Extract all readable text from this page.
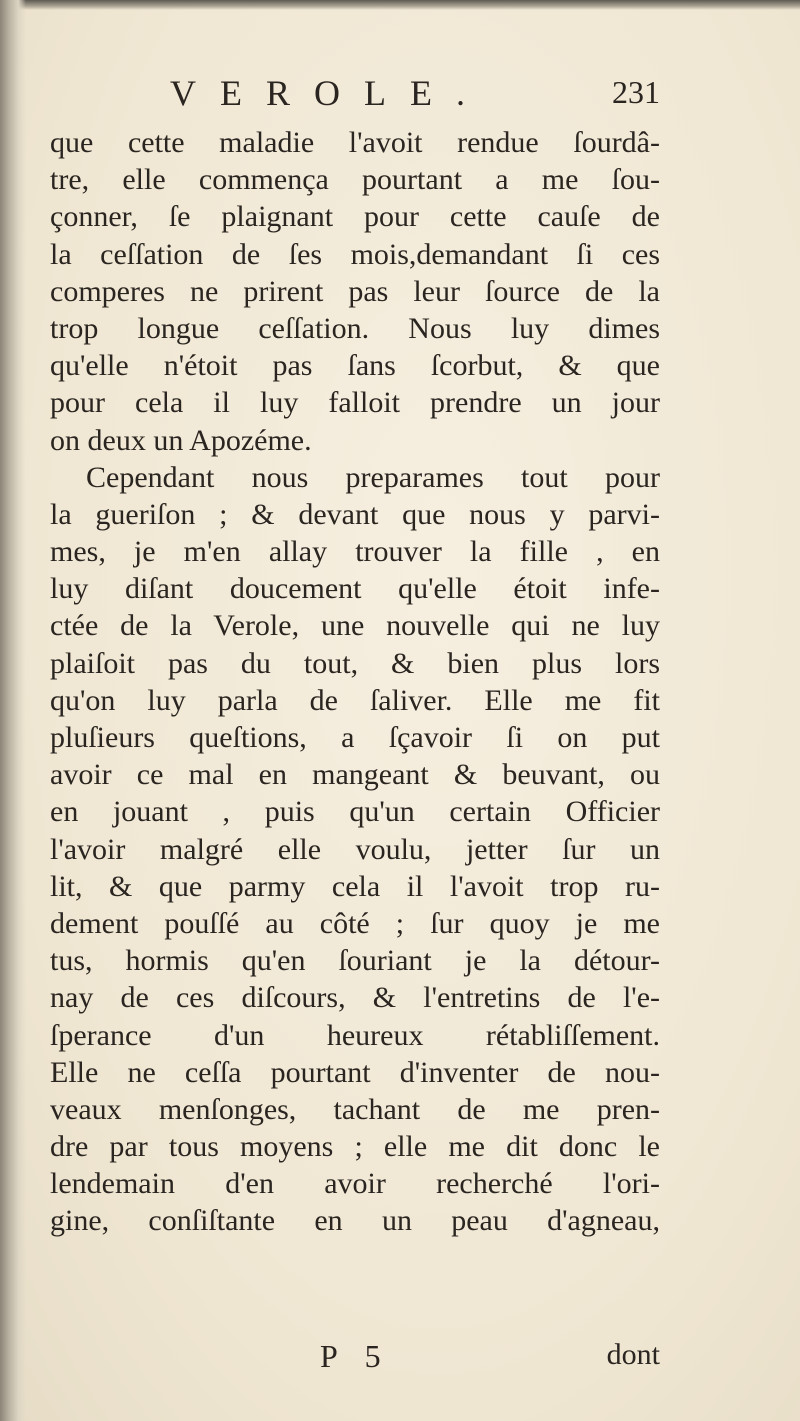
VEROLE.	231
que cette maladie l'avoit rendue ſourdâ-
tre, elle commença pourtant a me ſou-
çonner, ſe plaignant pour cette cauſe de
la ceſſation de ſes mois,demandant ſi ces
comperes ne prirent pas leur ſource de la
trop longue ceſſation. Nous luy dimes
qu'elle n'étoit pas ſans ſcorbut, & que
pour cela il luy falloit prendre un jour
on deux un Apozéme.
Cependant nous preparames tout pour
la gueriſon ; & devant que nous y parvi-
mes, je m'en allay trouver la fille , en
luy diſant doucement qu'elle étoit infe-
ctée de la Verole, une nouvelle qui ne luy
plaiſoit pas du tout, & bien plus lors
qu'on luy parla de ſaliver. Elle me fit
pluſieurs queſtions, a ſçavoir ſi on put
avoir ce mal en mangeant & beuvant, ou
en jouant , puis qu'un certain Officier
l'avoir malgré elle voulu, jetter ſur un
lit, & que parmy cela il l'avoit trop ru-
dement pouſſé au côté ; ſur quoy je me
tus, hormis qu'en ſouriant je la détour-
nay de ces diſcours, & l'entretins de l'e-
ſperance d'un heureux rétabliſſement.
Elle ne ceſſa pourtant d'inventer de nou-
veaux menſonges, tachant de me pren-
dre par tous moyens ; elle me dit donc le
lendemain d'en avoir recherché l'ori-
gine, conſiſtante en un peau d'agneau,
P 5	dont
